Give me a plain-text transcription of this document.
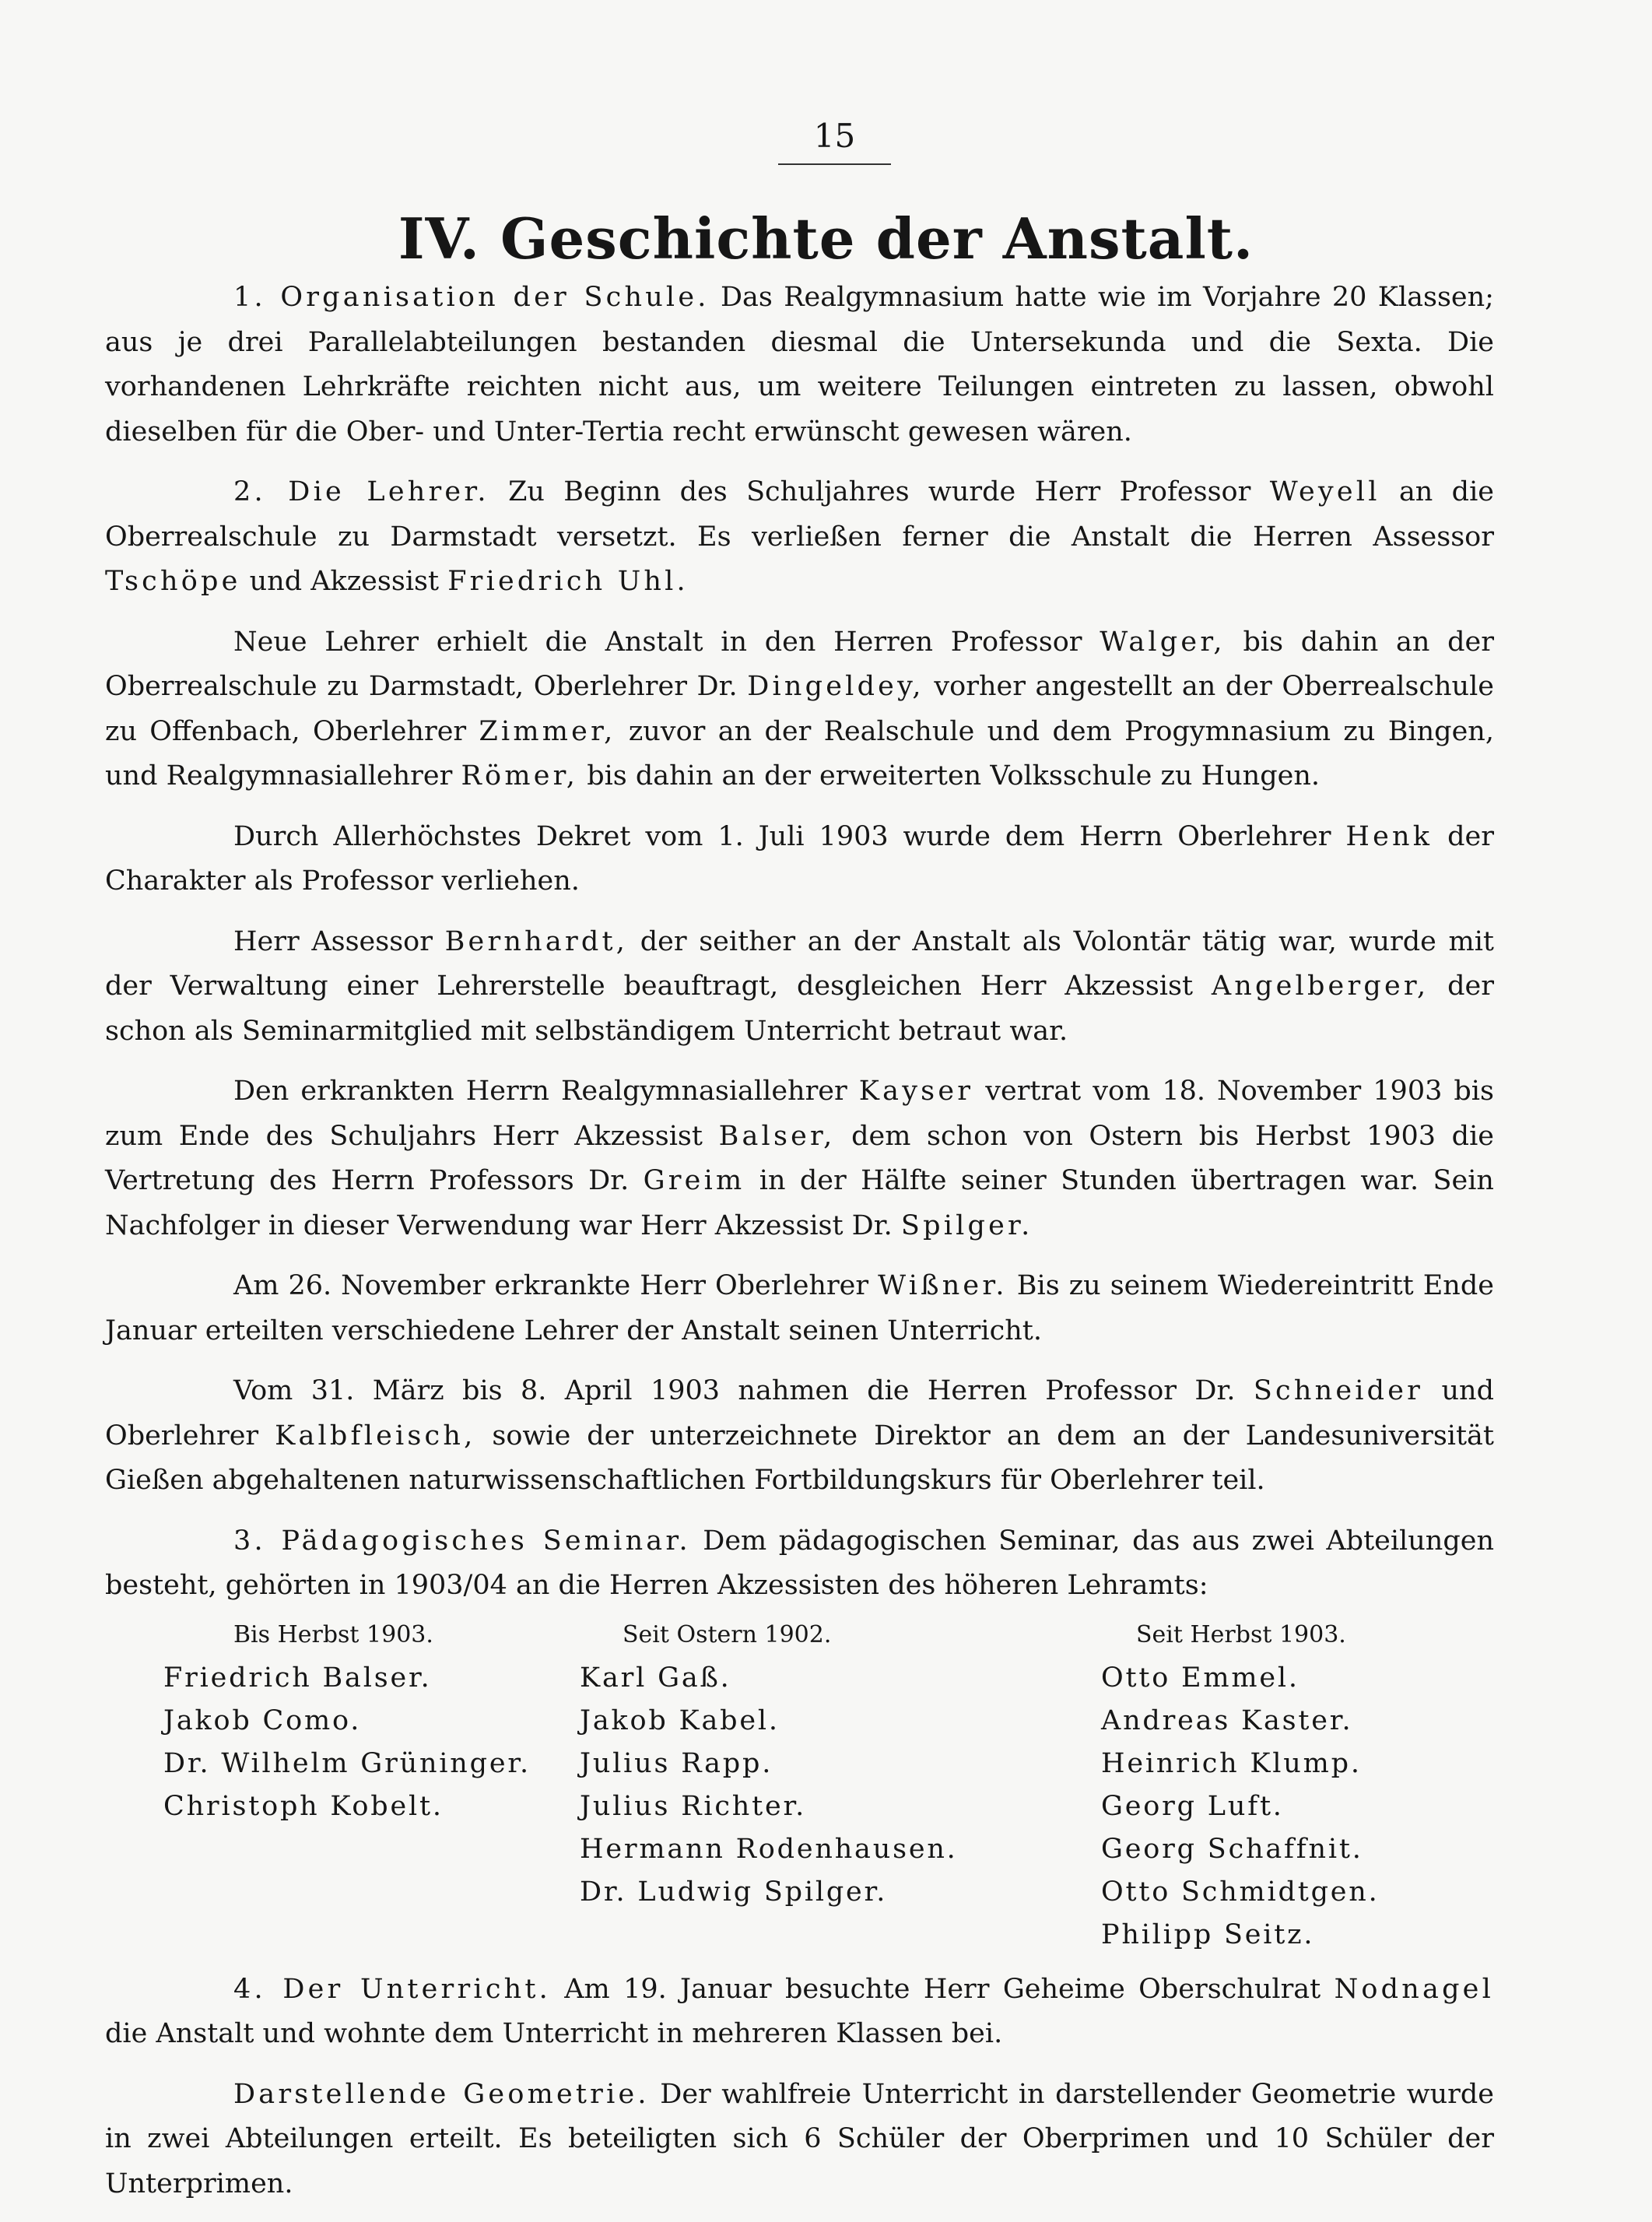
15
IV. Geschichte der Anstalt.

1. Organisation der Schule. Das Realgymnasium hatte wie im Vorjahre 20 Klassen; aus je drei Parallelabteilungen bestanden diesmal die Untersekunda und die Sexta. Die vorhandenen Lehrkräfte reichten nicht aus, um weitere Teilungen eintreten zu lassen, obwohl dieselben für die Ober- und Unter-Tertia recht erwünscht gewesen wären.

2. Die Lehrer. Zu Beginn des Schuljahres wurde Herr Professor Weyell an die Oberrealschule zu Darmstadt versetzt. Es verließen ferner die Anstalt die Herren Assessor Tschöpe und Akzessist Friedrich Uhl.

Neue Lehrer erhielt die Anstalt in den Herren Professor Walger, bis dahin an der Oberrealschule zu Darmstadt, Oberlehrer Dr. Dingeldey, vorher angestellt an der Oberrealschule zu Offenbach, Oberlehrer Zimmer, zuvor an der Realschule und dem Progymnasium zu Bingen, und Realgymnasiallehrer Römer, bis dahin an der erweiterten Volksschule zu Hungen.

Durch Allerhöchstes Dekret vom 1. Juli 1903 wurde dem Herrn Oberlehrer Henk der Charakter als Professor verliehen.

Herr Assessor Bernhardt, der seither an der Anstalt als Volontär tätig war, wurde mit der Verwaltung einer Lehrerstelle beauftragt, desgleichen Herr Akzessist Angelberger, der schon als Seminarmitglied mit selbständigem Unterricht betraut war.

Den erkrankten Herrn Realgymnasiallehrer Kayser vertrat vom 18. November 1903 bis zum Ende des Schuljahrs Herr Akzessist Balser, dem schon von Ostern bis Herbst 1903 die Vertretung des Herrn Professors Dr. Greim in der Hälfte seiner Stunden übertragen war. Sein Nachfolger in dieser Verwendung war Herr Akzessist Dr. Spilger.

Am 26. November erkrankte Herr Oberlehrer Wißner. Bis zu seinem Wiedereintritt Ende Januar erteilten verschiedene Lehrer der Anstalt seinen Unterricht.

Vom 31. März bis 8. April 1903 nahmen die Herren Professor Dr. Schneider und Oberlehrer Kalbfleisch, sowie der unterzeichnete Direktor an dem an der Landesuniversität Gießen abgehaltenen naturwissenschaftlichen Fortbildungskurs für Oberlehrer teil.

3. Pädagogisches Seminar. Dem pädagogischen Seminar, das aus zwei Abteilungen besteht, gehörten in 1903/04 an die Herren Akzessisten des höheren Lehramts:

Bis Herbst 1903.
Friedrich Balser.
Jakob Como.
Dr. Wilhelm Grüninger.
Christoph Kobelt.
Seit Ostern 1902.
Karl Gaß.
Jakob Kabel.
Julius Rapp.
Julius Richter.
Hermann Rodenhausen.
Dr. Ludwig Spilger.
Seit Herbst 1903.
Otto Emmel.
Andreas Kaster.
Heinrich Klump.
Georg Luft.
Georg Schaffnit.
Otto Schmidtgen.
Philipp Seitz.

4. Der Unterricht. Am 19. Januar besuchte Herr Geheime Oberschulrat Nodnagel die Anstalt und wohnte dem Unterricht in mehreren Klassen bei.

Darstellende Geometrie. Der wahlfreie Unterricht in darstellender Geometrie wurde in zwei Abteilungen erteilt. Es beteiligten sich 6 Schüler der Oberprimen und 10 Schüler der Unterprimen.
